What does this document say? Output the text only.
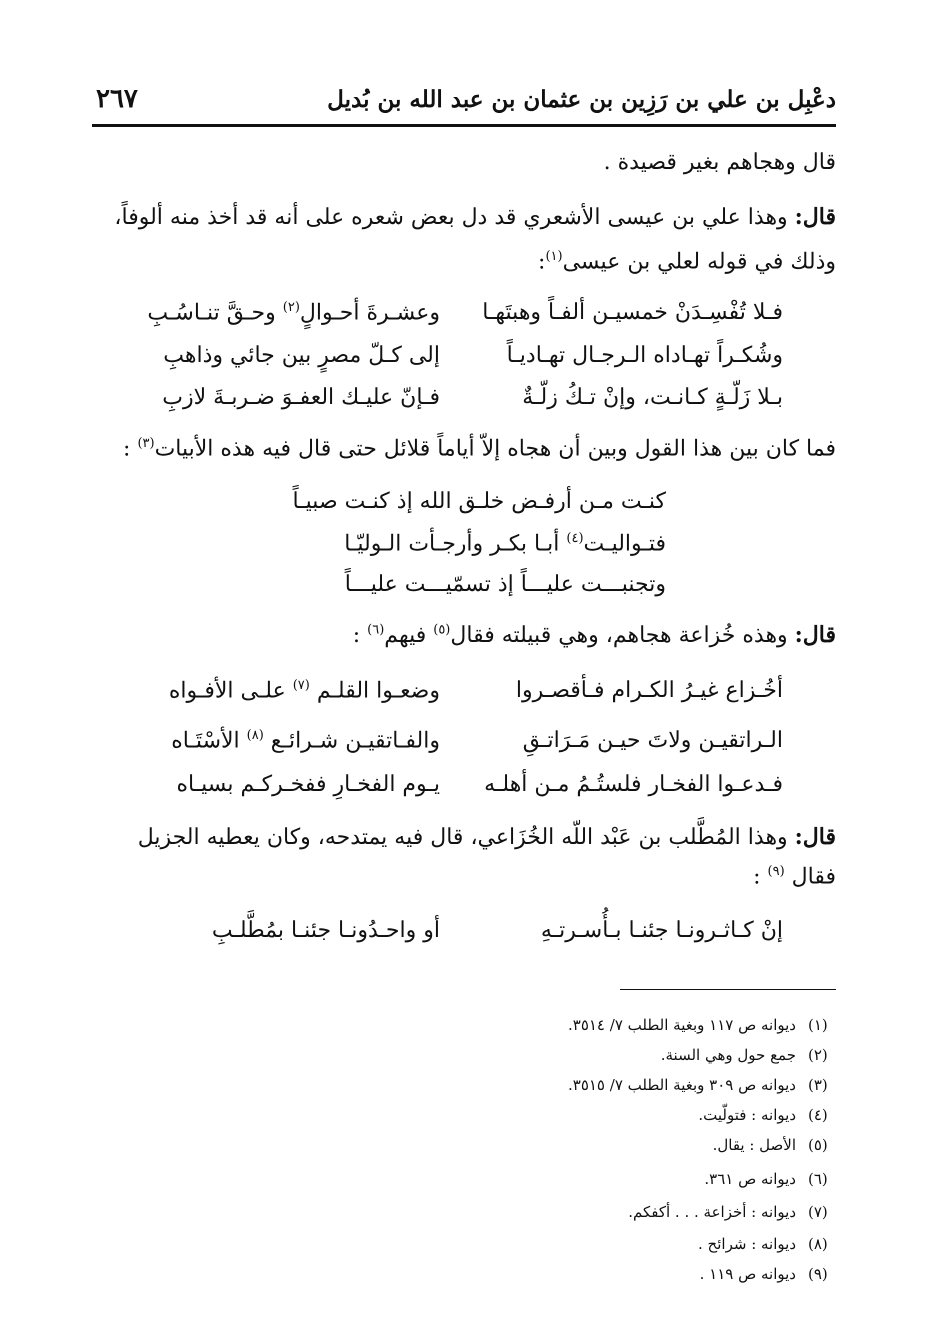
دعْبِل بن علي بن رَزِين بن عثمان بن عبد الله بن بُديل
٢٦٧
قال وهجاهم بغير قصيدة .
قال: وهذا علي بن عيسى الأشعري قد دل بعض شعره على أنه قد أخذ منه ألوفاً،
وذلك في قوله لعلي بن عيسى$^{(١)}$:
فـلا تُفْسِـدَنْ خمسيـن ألفـاً وهبتَهـا
وعشـرةَ أحـوالٍ$^{(٢)}$ وحـقَّ تنـاسُـبِ
وشُكـراً تهـاداه الـرجـال تهـاديـاً
إلى كـلّ مصرٍ بين جائي وذاهبِ
بـلا زَلّـةٍ كـانـت، وإنْ تـكُ زلّـةٌ
فـإنّ عليـك العفـوَ ضـربـةَ لازبِ
فما كان بين هذا القول وبين أن هجاه إلاّ أياماً قلائل حتى قال فيه هذه الأبيات$^{(٣)}$ :
كنـت مـن أرفـض خلـق الله إذ كنـت صبيـاً
فتـواليـت$^{(٤)}$ أبـا بكـر وأرجـأت الـوليّـا
وتجنبـــت عليـــاً إذ تسمّيـــت عليـــاً
قال: وهذه خُزاعة هجاهم، وهي قبيلته فقال$^{(٥)}$ فيهم$^{(٦)}$ :
أخُـزاع غيـرُ الكـرام فـأقصـروا
وضعـوا القلـم $^{(٧)}$ علـى الأفـواه
الـراتقيـن ولاتَ حيـن مَـرَاتـقِ
والفـاتقيـن شـرائـع $^{(٨)}$ الأسْتَـاه
فـدعـوا الفخـار فلستُـمُ مـن أهلـه
يـوم الفخـارِ ففخـركـم بسيـاه
قال: وهذا المُطَّلب بن عَبْد اللّه الخُزَاعي، قال فيه يمتدحه، وكان يعطيه الجزيل
فقال $^{(٩)}$ :
إنْ كـاثـرونـا جئنـا بـأُسـرتـهِ
أو واحـدُونـا جئنـا بمُطَّلـبِ
(١)
ديوانه ص ١١٧ وبغية الطلب ٧/ ٣٥١٤.
(٢)
جمع حول وهي السنة.
(٣)
ديوانه ص ٣٠٩ وبغية الطلب ٧/ ٣٥١٥.
(٤)
ديوانه : فتولّيت.
(٥)
الأصل : يقال.
(٦)
ديوانه ص ٣٦١.
(٧)
ديوانه : أخزاعة . . . أكفكم.
(٨)
ديوانه : شرائح .
(٩)
ديوانه ص ١١٩ .
